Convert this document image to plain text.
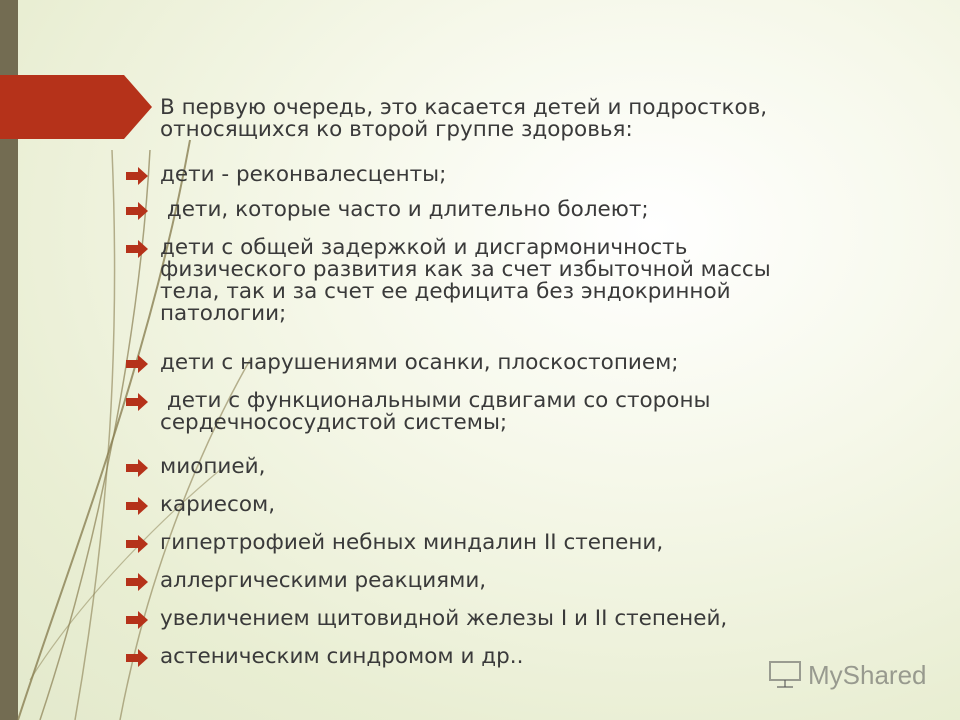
В первую очередь, это касается детей и подростков,
относящихся ко второй группе здоровья:
дети - реконвалесценты;
дети, которые часто и длительно болеют;
дети с общей задержкой и дисгармоничность
физического развития как за счет избыточной массы
тела, так и за счет ее дефицита без эндокринной
патологии;
дети с нарушениями осанки, плоскостопием;
дети с функциональными сдвигами со стороны
сердечнососудистой системы;
миопией,
кариесом,
гипертрофией небных миндалин II степени,
аллергическими реакциями,
увеличением щитовидной железы I и II степеней,
астеническим синдромом и др..
MyShared
